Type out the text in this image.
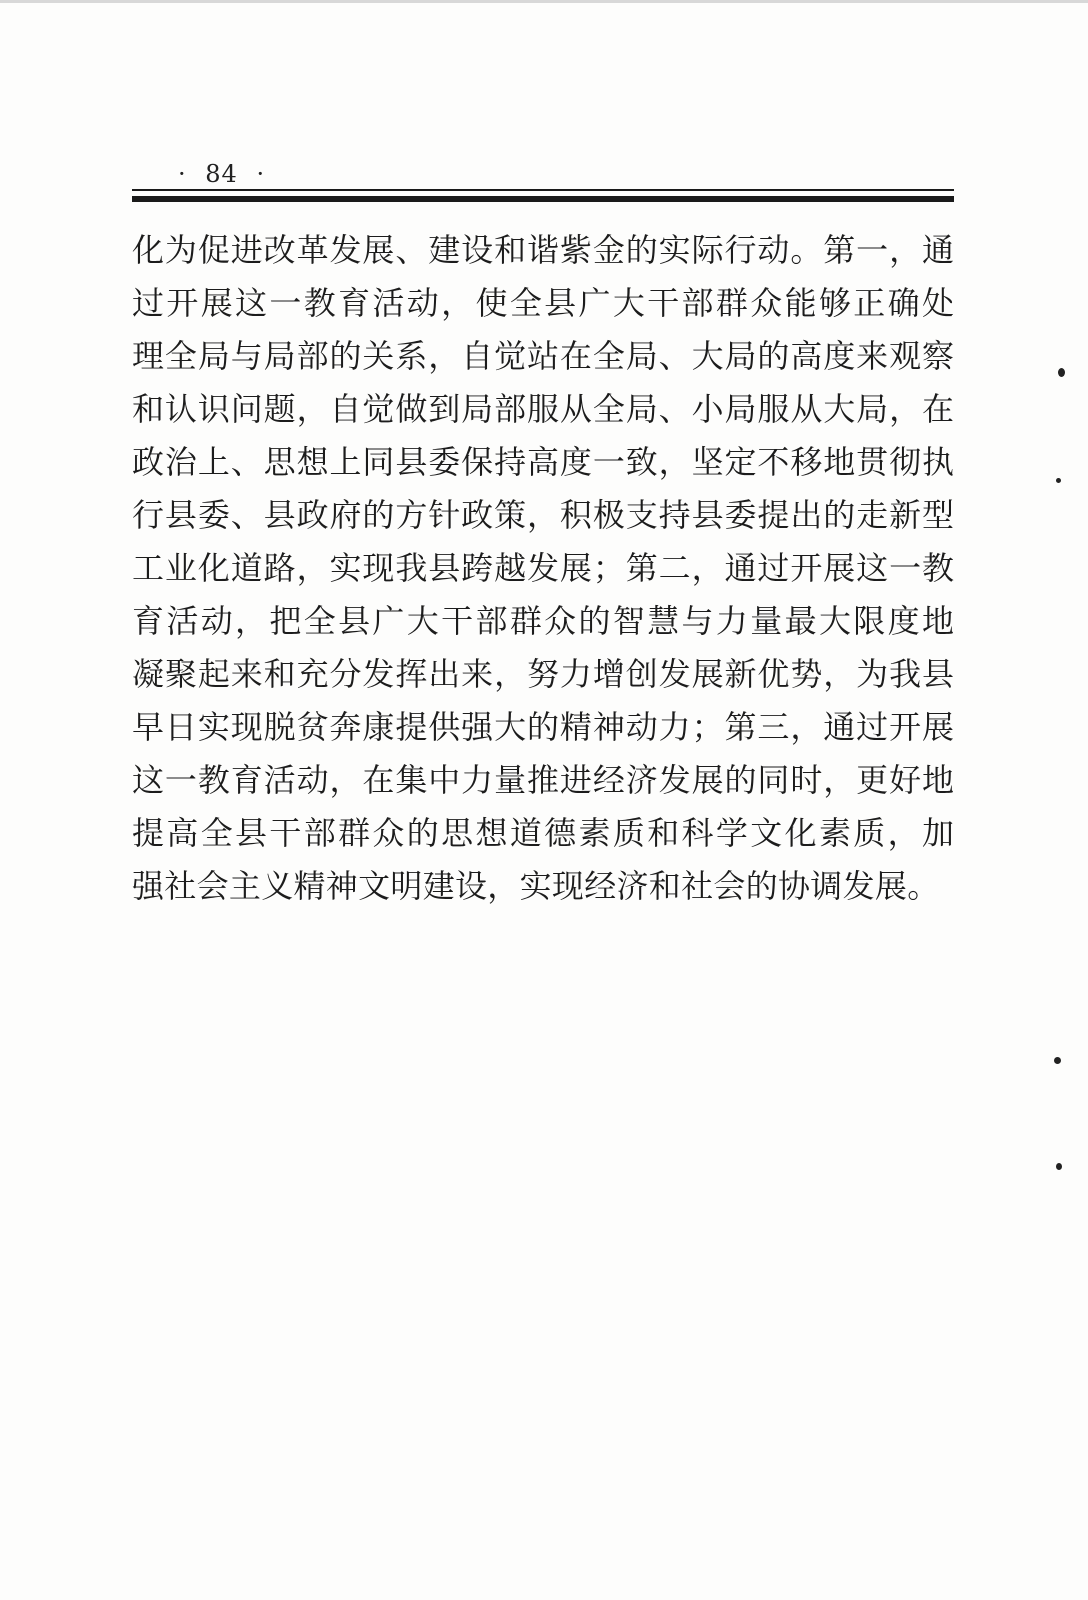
· 84 ·
化为促进改革发展、建设和谐紫金的实际行动。第一，通
过开展这一教育活动，使全县广大干部群众能够正确处
理全局与局部的关系，自觉站在全局、大局的高度来观察
和认识问题，自觉做到局部服从全局、小局服从大局，在
政治上、思想上同县委保持高度一致，坚定不移地贯彻执
行县委、县政府的方针政策，积极支持县委提出的走新型
工业化道路，实现我县跨越发展；第二，通过开展这一教
育活动，把全县广大干部群众的智慧与力量最大限度地
凝聚起来和充分发挥出来，努力增创发展新优势，为我县
早日实现脱贫奔康提供强大的精神动力；第三，通过开展
这一教育活动，在集中力量推进经济发展的同时，更好地
提高全县干部群众的思想道德素质和科学文化素质，加
强社会主义精神文明建设，实现经济和社会的协调发展。
